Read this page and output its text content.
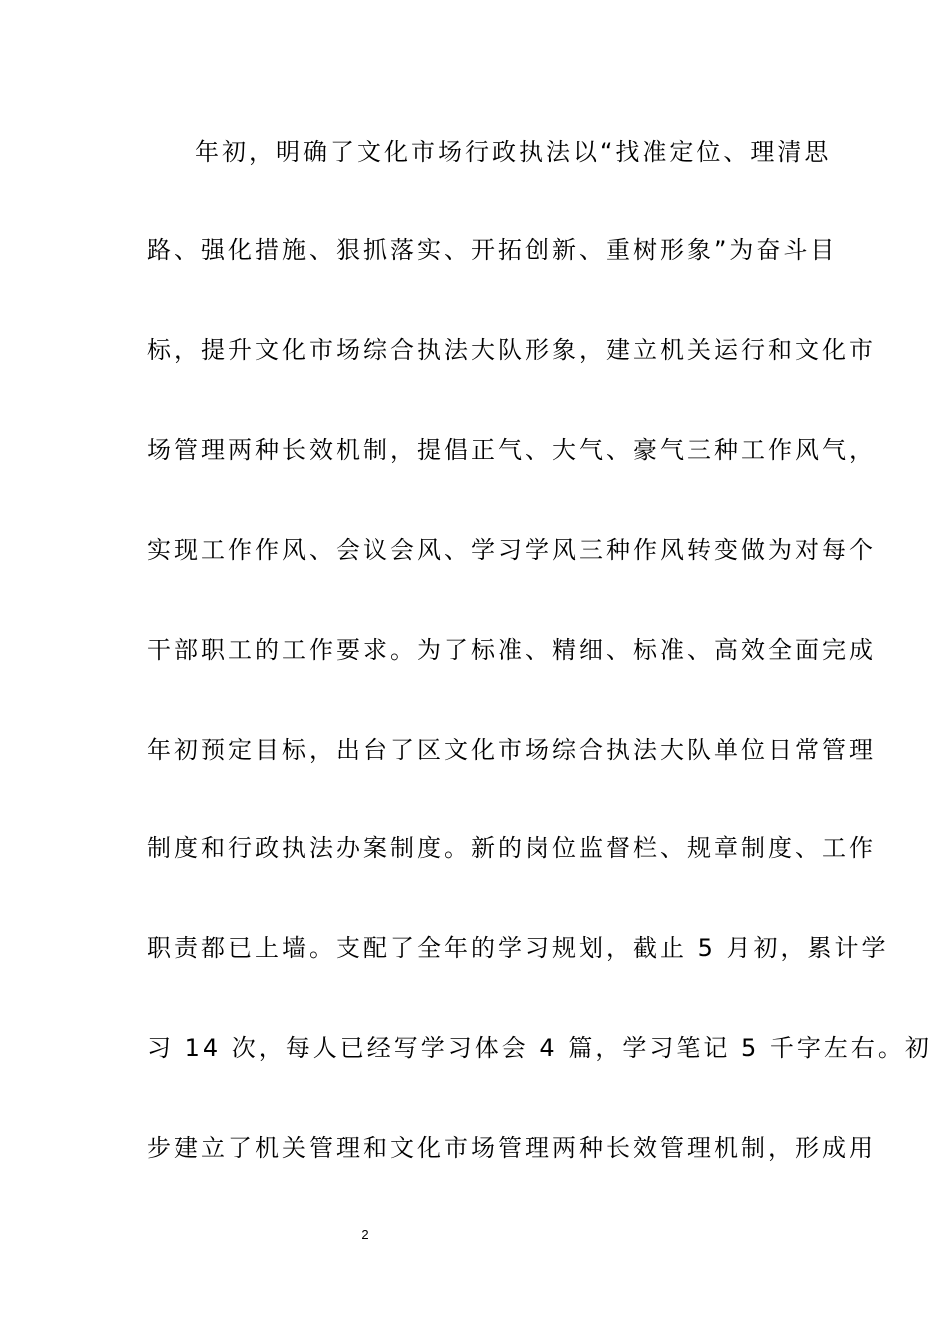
年初，明确了文化市场行政执法以“找准定位、理清思
路、强化措施、狠抓落实、开拓创新、重树形象”为奋斗目
标，提升文化市场综合执法大队形象，建立机关运行和文化市
场管理两种长效机制，提倡正气、大气、豪气三种工作风气，
实现工作作风、会议会风、学习学风三种作风转变做为对每个
干部职工的工作要求。为了标准、精细、标准、高效全面完成
年初预定目标，出台了区文化市场综合执法大队单位日常管理
制度和行政执法办案制度。新的岗位监督栏、规章制度、工作
职责都已上墙。支配了全年的学习规划，截止 5 月初，累计学
习 14 次，每人已经写学习体会 4 篇，学习笔记 5 千字左右。初
步建立了机关管理和文化市场管理两种长效管理机制，形成用
2
